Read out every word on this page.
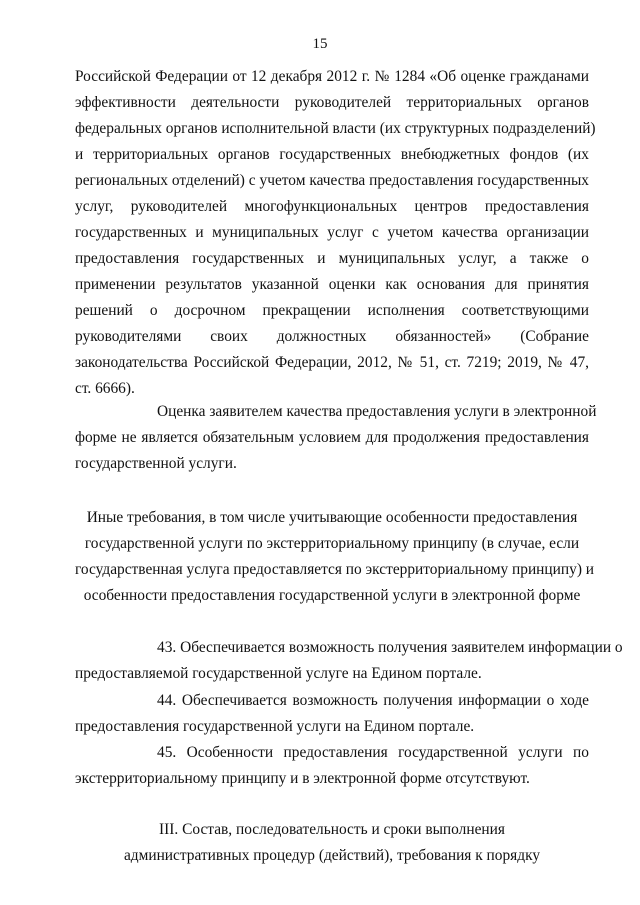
15
Российской Федерации от 12 декабря 2012 г. № 1284 «Об оценке гражданами
эффективности деятельности руководителей территориальных органов
федеральных органов исполнительной власти (их структурных подразделений)
и территориальных органов государственных внебюджетных фондов (их
региональных отделений) с учетом качества предоставления государственных
услуг, руководителей многофункциональных центров предоставления
государственных и муниципальных услуг с учетом качества организации
предоставления государственных и муниципальных услуг, а также о
применении результатов указанной оценки как основания для принятия
решений о досрочном прекращении исполнения соответствующими
руководителями своих должностных обязанностей» (Собрание
законодательства Российской Федерации, 2012, № 51, ст. 7219; 2019, № 47,
ст. 6666).
Оценка заявителем качества предоставления услуги в электронной
форме не является обязательным условием для продолжения предоставления
государственной услуги.
Иные требования, в том числе учитывающие особенности предоставления
государственной услуги по экстерриториальному принципу (в случае, если
государственная услуга предоставляется по экстерриториальному принципу) и
особенности предоставления государственной услуги в электронной форме
43. Обеспечивается возможность получения заявителем информации о
предоставляемой государственной услуге на Едином портале.
44. Обеспечивается возможность получения информации о ходе
предоставления государственной услуги на Едином портале.
45. Особенности предоставления государственной услуги по
экстерриториальному принципу и в электронной форме отсутствуют.
III. Состав, последовательность и сроки выполнения
административных процедур (действий), требования к порядку
